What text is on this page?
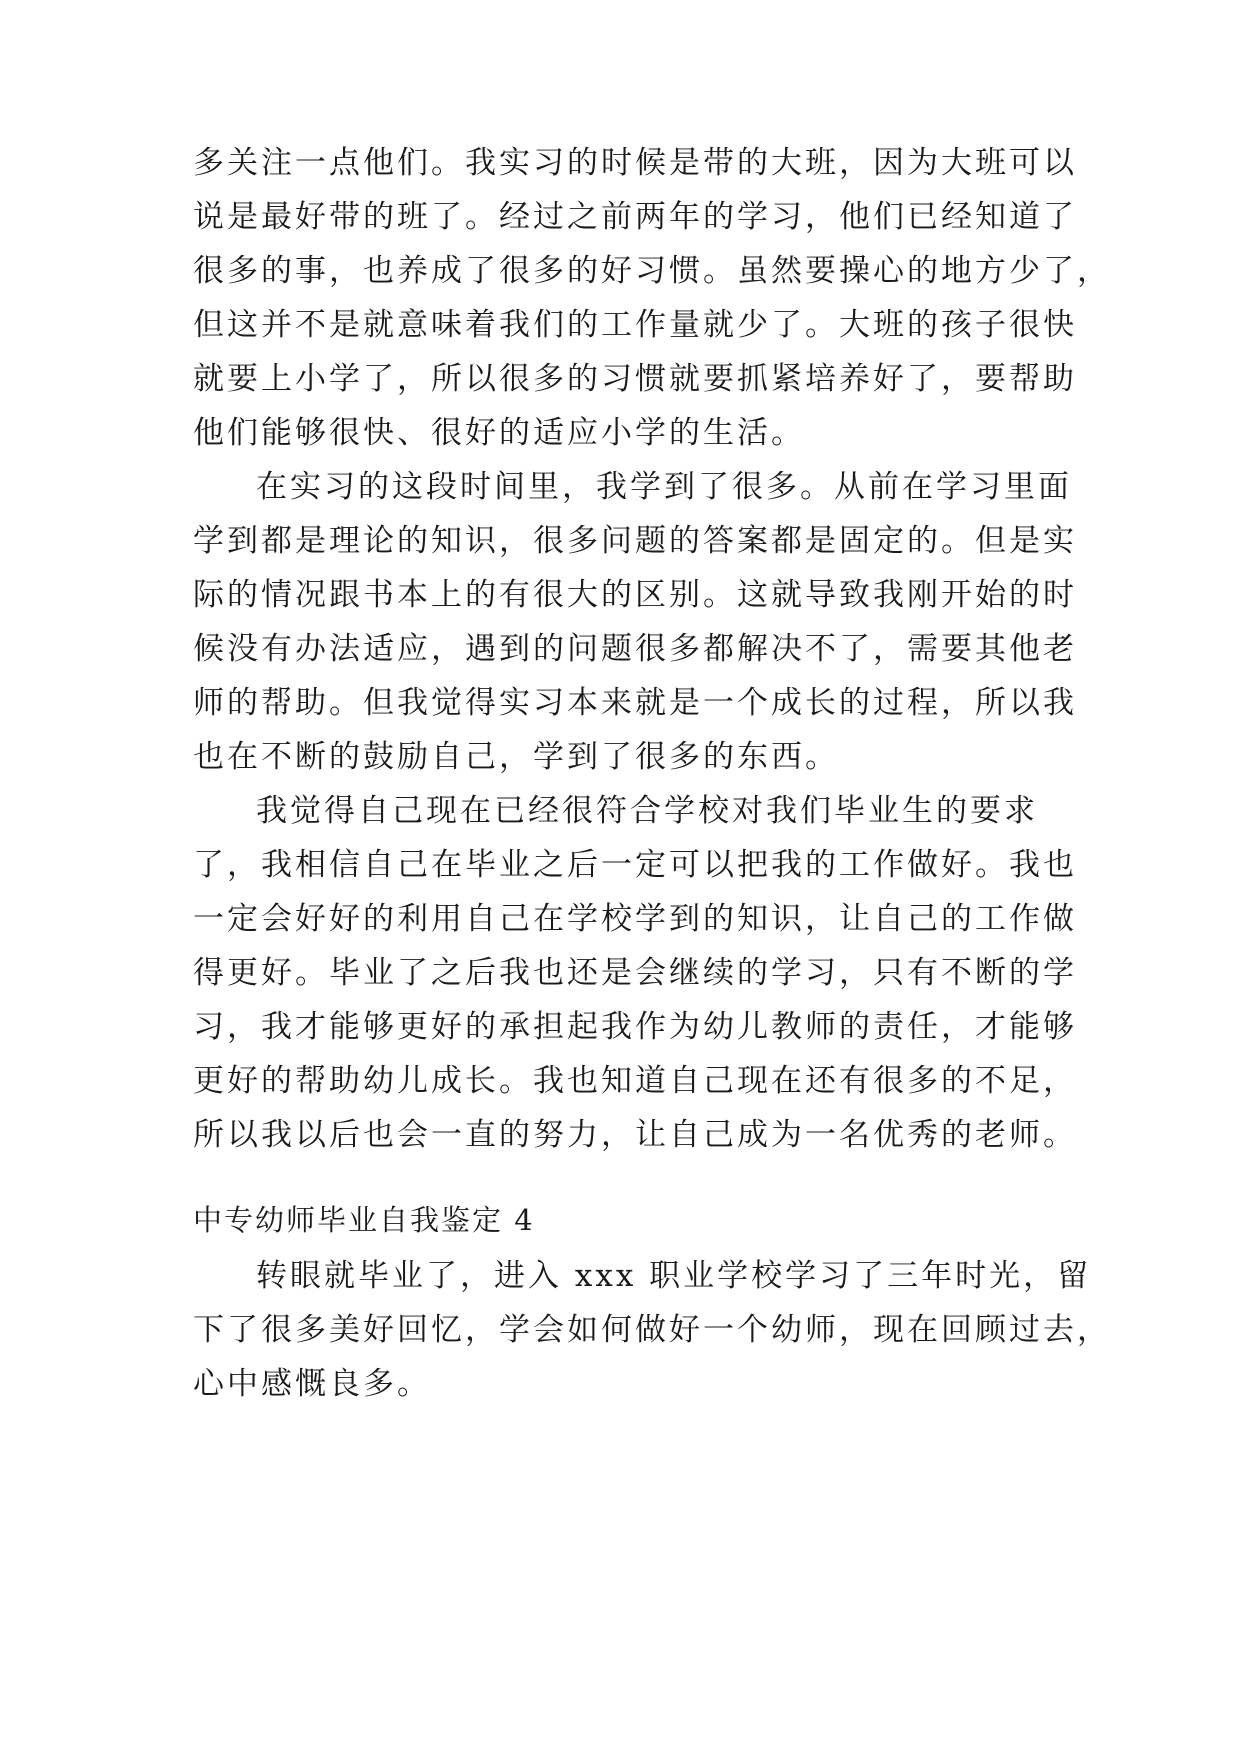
多关注一点他们。我实习的时候是带的大班，因为大班可以
说是最好带的班了。经过之前两年的学习，他们已经知道了
很多的事，也养成了很多的好习惯。虽然要操心的地方少了，
但这并不是就意味着我们的工作量就少了。大班的孩子很快
就要上小学了，所以很多的习惯就要抓紧培养好了，要帮助
他们能够很快、很好的适应小学的生活。
在实习的这段时间里，我学到了很多。从前在学习里面
学到都是理论的知识，很多问题的答案都是固定的。但是实
际的情况跟书本上的有很大的区别。这就导致我刚开始的时
候没有办法适应，遇到的问题很多都解决不了，需要其他老
师的帮助。但我觉得实习本来就是一个成长的过程，所以我
也在不断的鼓励自己，学到了很多的东西。
我觉得自己现在已经很符合学校对我们毕业生的要求
了，我相信自己在毕业之后一定可以把我的工作做好。我也
一定会好好的利用自己在学校学到的知识，让自己的工作做
得更好。毕业了之后我也还是会继续的学习，只有不断的学
习，我才能够更好的承担起我作为幼儿教师的责任，才能够
更好的帮助幼儿成长。我也知道自己现在还有很多的不足，
所以我以后也会一直的努力，让自己成为一名优秀的老师。
中专幼师毕业自我鉴定 4
转眼就毕业了，进入 xxx 职业学校学习了三年时光，留
下了很多美好回忆，学会如何做好一个幼师，现在回顾过去，
心中感慨良多。
